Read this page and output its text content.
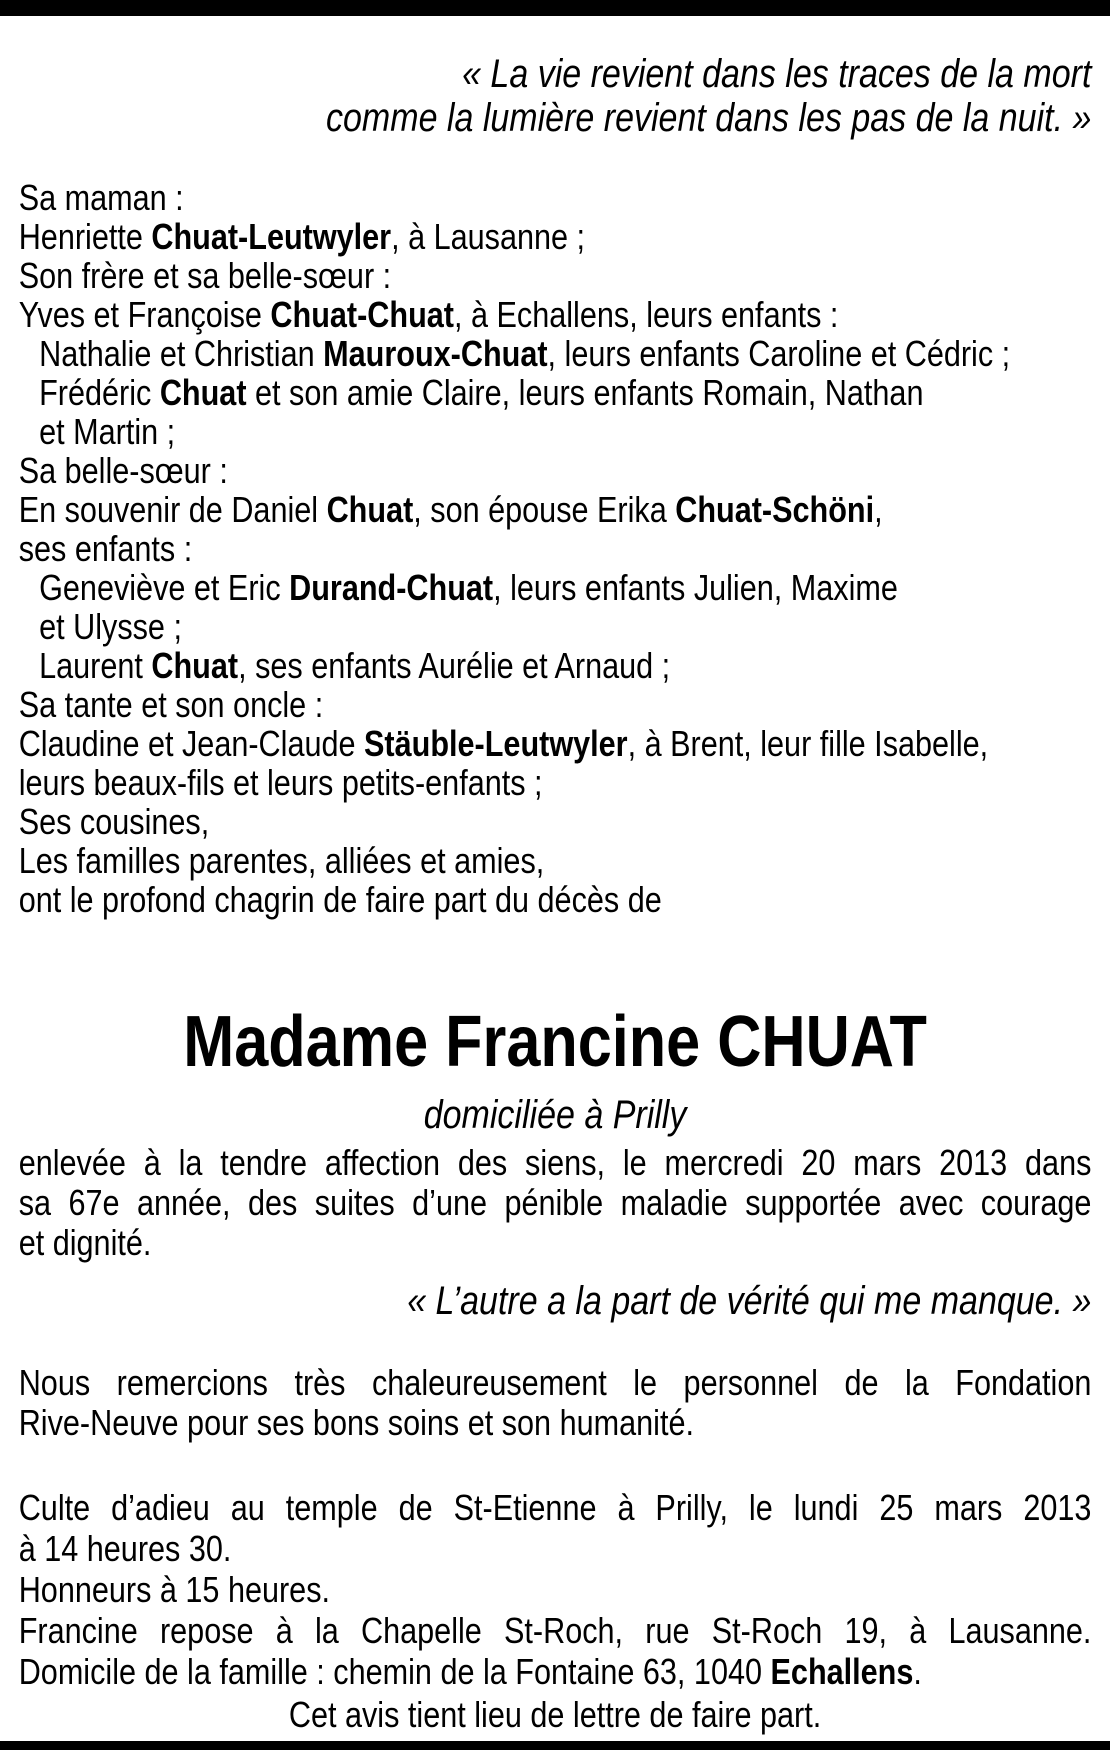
« La vie revient dans les traces de la mort
comme la lumière revient dans les pas de la nuit. »
Sa maman :
Henriette Chuat-Leutwyler, à Lausanne ;
Son frère et sa belle-sœur :
Yves et Françoise Chuat-Chuat, à Echallens, leurs enfants :
Nathalie et Christian Mauroux-Chuat, leurs enfants Caroline et Cédric ;
Frédéric Chuat et son amie Claire, leurs enfants Romain, Nathan
et Martin ;
Sa belle-sœur :
En souvenir de Daniel Chuat, son épouse Erika Chuat-Schöni,
ses enfants :
Geneviève et Eric Durand-Chuat, leurs enfants Julien, Maxime
et Ulysse ;
Laurent Chuat, ses enfants Aurélie et Arnaud ;
Sa tante et son oncle :
Claudine et Jean-Claude Stäuble-Leutwyler, à Brent, leur fille Isabelle,
leurs beaux-fils et leurs petits-enfants ;
Ses cousines,
Les familles parentes, alliées et amies,
ont le profond chagrin de faire part du décès de
Madame Francine CHUAT
domiciliée à Prilly
enlevée à la tendre affection des siens, le mercredi 20 mars 2013 dans
sa 67e année, des suites d’une pénible maladie supportée avec courage
et dignité.
« L’autre a la part de vérité qui me manque. »
Nous remercions très chaleureusement le personnel de la Fondation
Rive-Neuve pour ses bons soins et son humanité.
Culte d’adieu au temple de St-Etienne à Prilly, le lundi 25 mars 2013
à 14 heures 30.
Honneurs à 15 heures.
Francine repose à la Chapelle St-Roch, rue St-Roch 19, à Lausanne.
Domicile de la famille : chemin de la Fontaine 63, 1040 Echallens.
Cet avis tient lieu de lettre de faire part.
